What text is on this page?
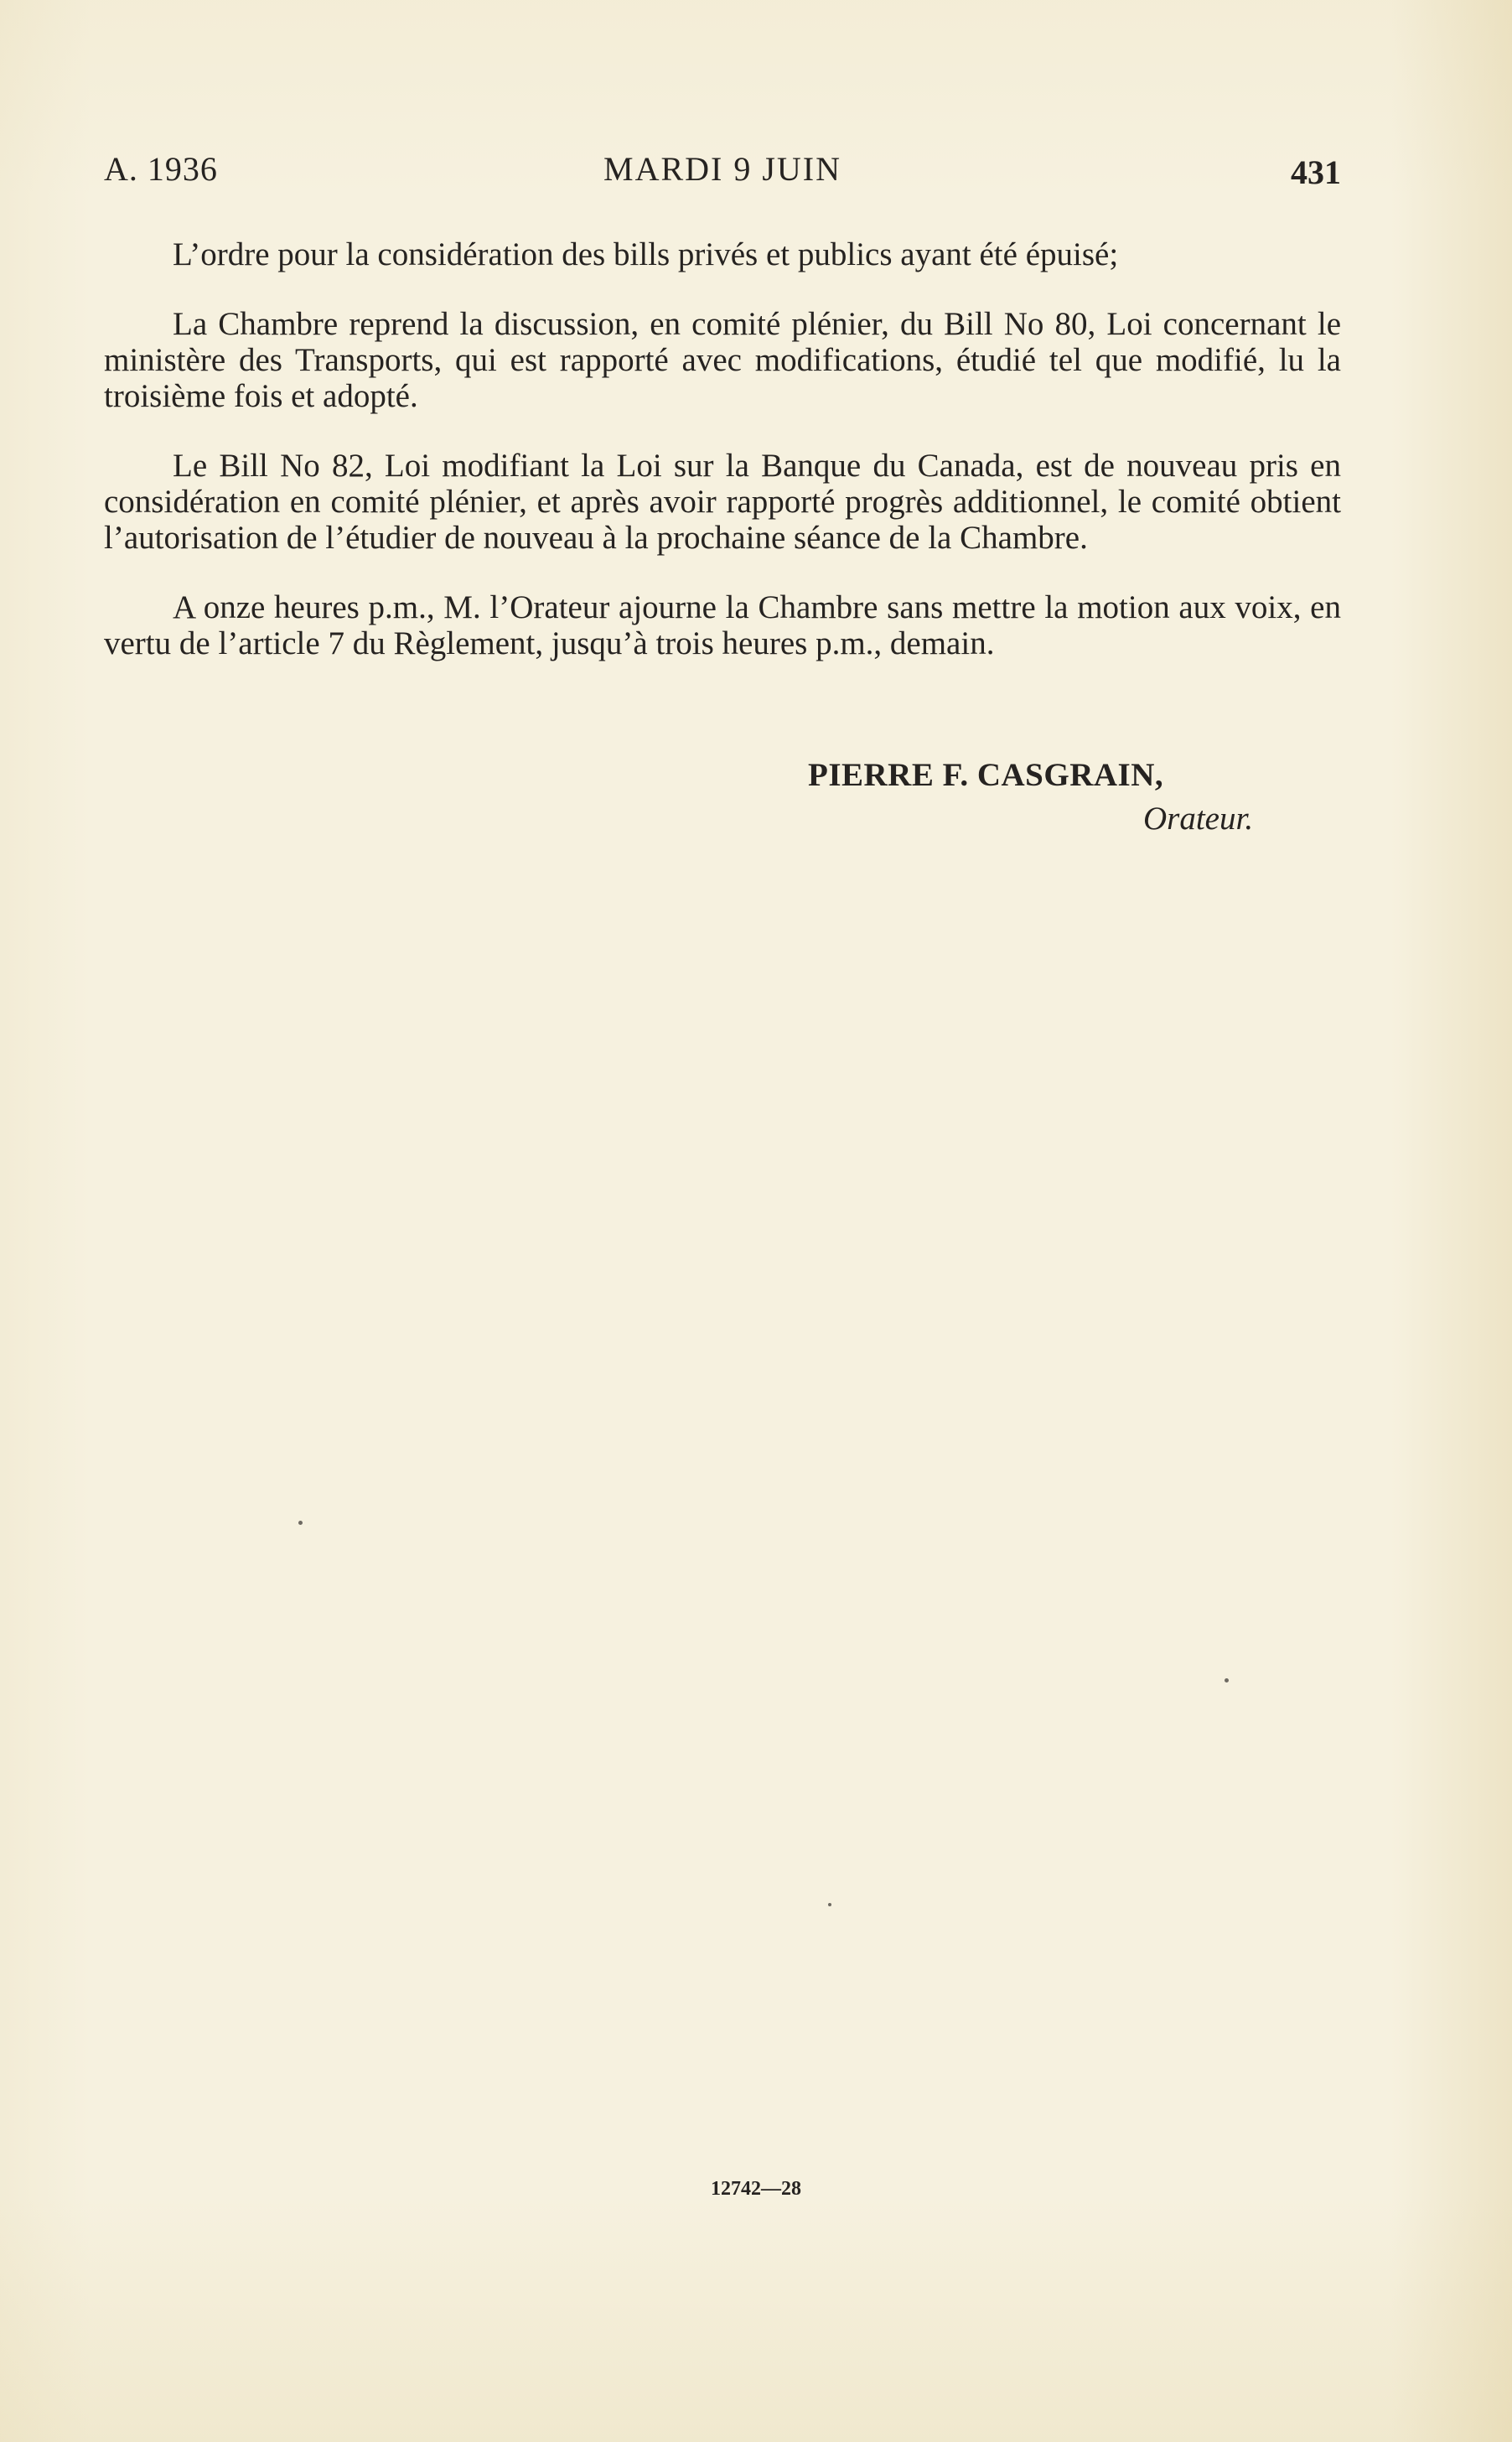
A. 1936	MARDI 9 JUIN	431

L’ordre pour la considération des bills privés et publics ayant été épuisé;

La Chambre reprend la discussion, en comité plénier, du Bill No 80, Loi concernant le ministère des Transports, qui est rapporté avec modifications, étudié tel que modifié, lu la troisième fois et adopté.

Le Bill No 82, Loi modifiant la Loi sur la Banque du Canada, est de nouveau pris en considération en comité plénier, et après avoir rapporté progrès additionnel, le comité obtient l’autorisation de l’étudier de nouveau à la prochaine séance de la Chambre.

A onze heures p.m., M. l’Orateur ajourne la Chambre sans mettre la motion aux voix, en vertu de l’article 7 du Règlement, jusqu’à trois heures p.m., demain.

PIERRE F. CASGRAIN,
Orateur.
12742—28
